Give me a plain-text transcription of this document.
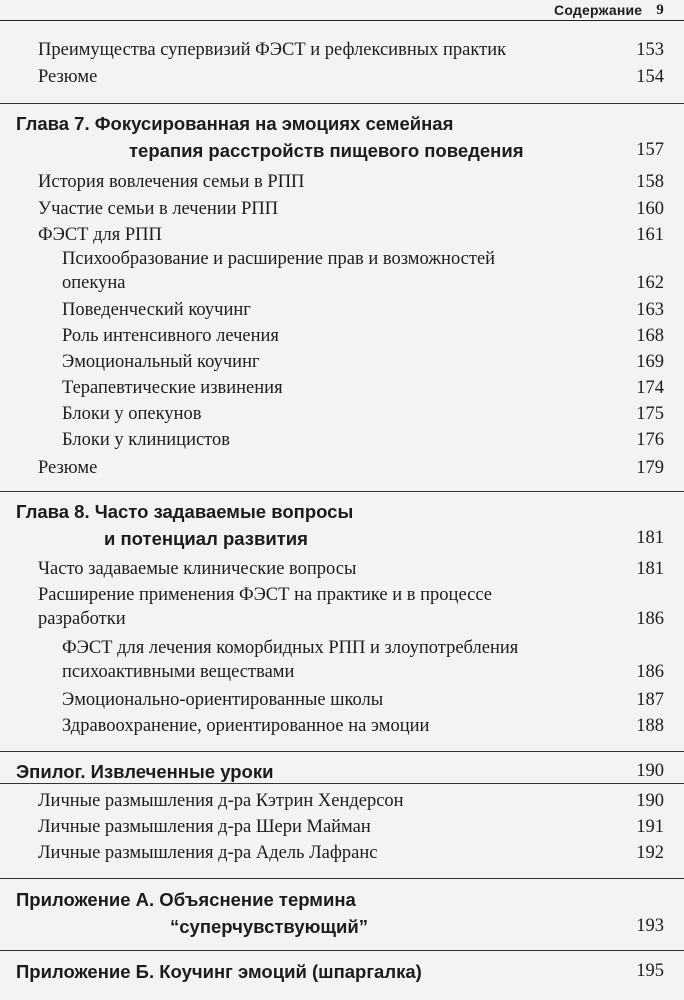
Содержание 9
Преимущества супервизий ФЭСТ и рефлексивных практик	153
Резюме	154
Глава 7. Фокусированная на эмоциях семейная
терапия расстройств пищевого поведения	157
История вовлечения семьи в РПП	158
Участие семьи в лечении РПП	160
ФЭСТ для РПП	161
Психообразование и расширение прав и возможностей
опекуна	162
Поведенческий коучинг	163
Роль интенсивного лечения	168
Эмоциональный коучинг	169
Терапевтические извинения	174
Блоки у опекунов	175
Блоки у клиницистов	176
Резюме	179
Глава 8. Часто задаваемые вопросы
и потенциал развития	181
Часто задаваемые клинические вопросы	181
Расширение применения ФЭСТ на практике и в процессе
разработки	186
ФЭСТ для лечения коморбидных РПП и злоупотребления
психоактивными веществами	186
Эмоционально-ориентированные школы	187
Здравоохранение, ориентированное на эмоции	188
Эпилог. Извлеченные уроки	190
Личные размышления д-ра Кэтрин Хендерсон	190
Личные размышления д-ра Шери Майман	191
Личные размышления д-ра Адель Лафранс	192
Приложение А. Объяснение термина
“суперчувствующий”	193
Приложение Б. Коучинг эмоций (шпаргалка)	195
